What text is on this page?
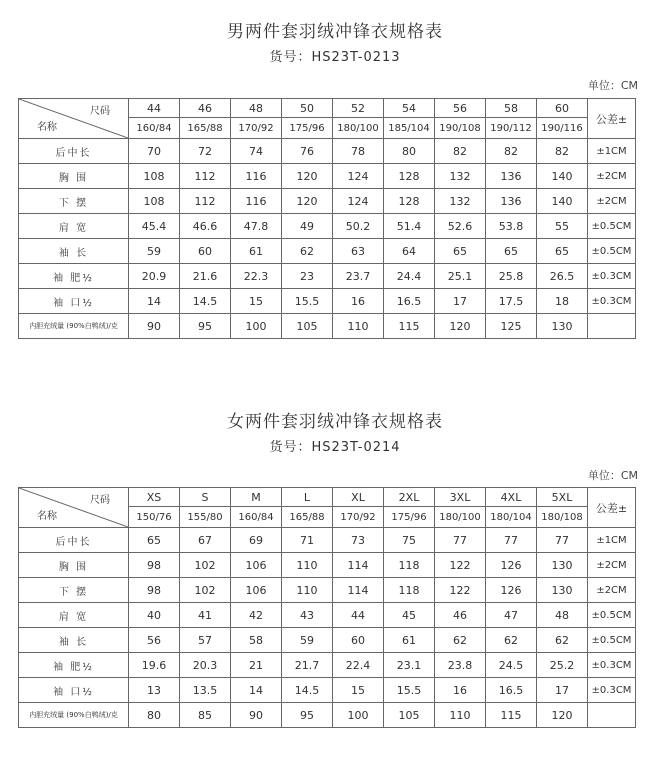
男两件套羽绒冲锋衣规格表
货号：HS23T-0213
单位：CM
尺码
名称	44	46	48	50	52	54	56	58	60	公差±
	160/84	165/88	170/92	175/96	180/100	185/104	190/108	190/112	190/116	
后中长	70	72	74	76	78	80	82	82	82	±1CM
胸 围	108	112	116	120	124	128	132	136	140	±2CM
下 摆	108	112	116	120	124	128	132	136	140	±2CM
肩 宽	45.4	46.6	47.8	49	50.2	51.4	52.6	53.8	55	±0.5CM
袖 长	59	60	61	62	63	64	65	65	65	±0.5CM
袖 肥½	20.9	21.6	22.3	23	23.7	24.4	25.1	25.8	26.5	±0.3CM
袖 口½	14	14.5	15	15.5	16	16.5	17	17.5	18	±0.3CM
内胆充绒量 (90%白鸭绒)/克	90	95	100	105	110	115	120	125	130	
女两件套羽绒冲锋衣规格表
货号：HS23T-0214
单位：CM
尺码
名称	XS	S	M	L	XL	2XL	3XL	4XL	5XL	公差±
	150/76	155/80	160/84	165/88	170/92	175/96	180/100	180/104	180/108	
后中长	65	67	69	71	73	75	77	77	77	±1CM
胸 围	98	102	106	110	114	118	122	126	130	±2CM
下 摆	98	102	106	110	114	118	122	126	130	±2CM
肩 宽	40	41	42	43	44	45	46	47	48	±0.5CM
袖 长	56	57	58	59	60	61	62	62	62	±0.5CM
袖 肥½	19.6	20.3	21	21.7	22.4	23.1	23.8	24.5	25.2	±0.3CM
袖 口½	13	13.5	14	14.5	15	15.5	16	16.5	17	±0.3CM
内胆充绒量 (90%白鸭绒)/克	80	85	90	95	100	105	110	115	120	
